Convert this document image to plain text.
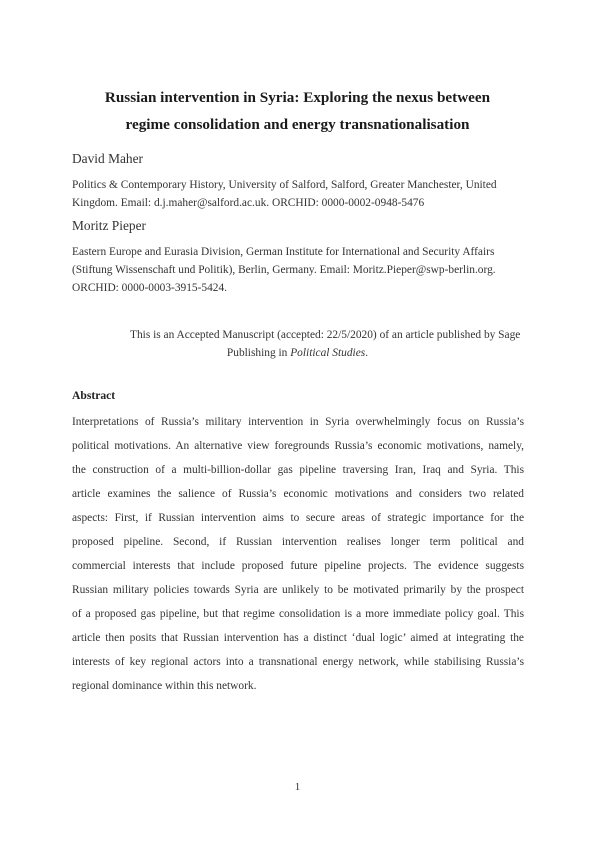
Russian intervention in Syria: Exploring the nexus between
regime consolidation and energy transnationalisation
David Maher
Politics & Contemporary History, University of Salford, Salford, Greater Manchester, United
Kingdom. Email: d.j.maher@salford.ac.uk. ORCHID: 0000-0002-0948-5476
Moritz Pieper
Eastern Europe and Eurasia Division, German Institute for International and Security Affairs
(Stiftung Wissenschaft und Politik), Berlin, Germany. Email: Moritz.Pieper@swp-berlin.org.
ORCHID: 0000-0003-3915-5424.
This is an Accepted Manuscript (accepted: 22/5/2020) of an article published by Sage
Publishing in Political Studies.
Abstract
Interpretations of Russia’s military intervention in Syria overwhelmingly focus on Russia’s
political motivations. An alternative view foregrounds Russia’s economic motivations, namely,
the construction of a multi-billion-dollar gas pipeline traversing Iran, Iraq and Syria. This
article examines the salience of Russia’s economic motivations and considers two related
aspects: First, if Russian intervention aims to secure areas of strategic importance for the
proposed pipeline. Second, if Russian intervention realises longer term political and
commercial interests that include proposed future pipeline projects. The evidence suggests
Russian military policies towards Syria are unlikely to be motivated primarily by the prospect
of a proposed gas pipeline, but that regime consolidation is a more immediate policy goal. This
article then posits that Russian intervention has a distinct ‘dual logic’ aimed at integrating the
interests of key regional actors into a transnational energy network, while stabilising Russia’s
regional dominance within this network.
1
